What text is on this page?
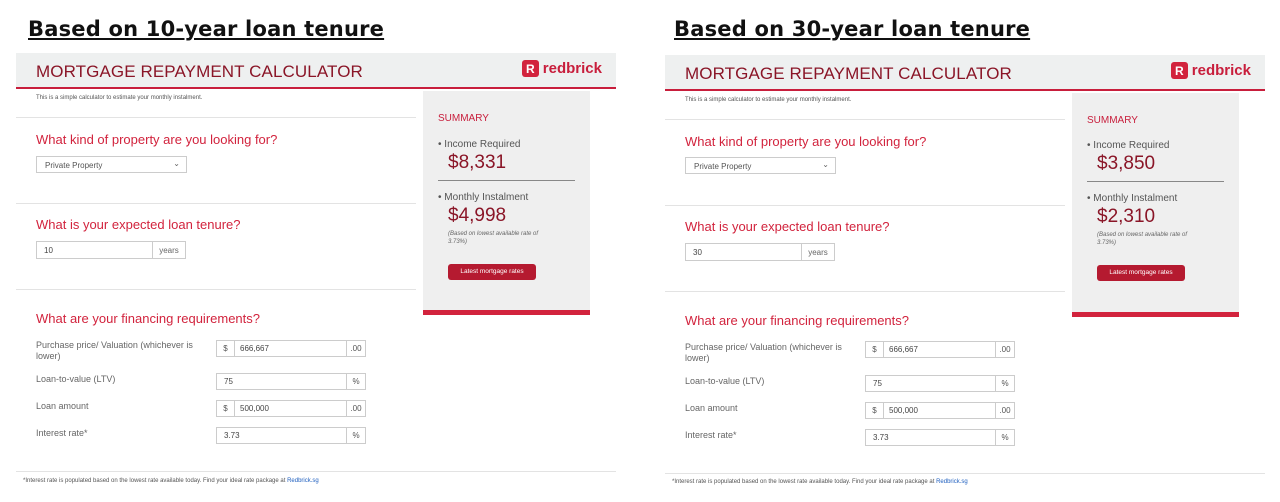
Based on 10-year loan tenure
MORTGAGE REPAYMENT CALCULATOR	R redbrick
This is a simple calculator to estimate your monthly instalment.
What kind of property are you looking for?
Private Property	⌄
What is your expected loan tenure?
10	years
What are your financing requirements?
Purchase price/ Valuation (whichever is lower)
$	666,667	.00
Loan-to-value (LTV)	75	%
Loan amount	$	500,000	.00
Interest rate*	3.73	%
*Interest rate is populated based on the lowest rate available today. Find your ideal rate package at Redbrick.sg
SUMMARY
• Income Required
$8,331
• Monthly Instalment
$4,998
(Based on lowest available rate of 3.73%)
Latest mortgage rates
Based on 30-year loan tenure
MORTGAGE REPAYMENT CALCULATOR	R redbrick
This is a simple calculator to estimate your monthly instalment.
What kind of property are you looking for?
Private Property	⌄
What is your expected loan tenure?
30	years
What are your financing requirements?
Purchase price/ Valuation (whichever is lower)
$	666,667	.00
Loan-to-value (LTV)	75	%
Loan amount	$	500,000	.00
Interest rate*	3.73	%
*Interest rate is populated based on the lowest rate available today. Find your ideal rate package at Redbrick.sg
SUMMARY
• Income Required
$3,850
• Monthly Instalment
$2,310
(Based on lowest available rate of 3.73%)
Latest mortgage rates
